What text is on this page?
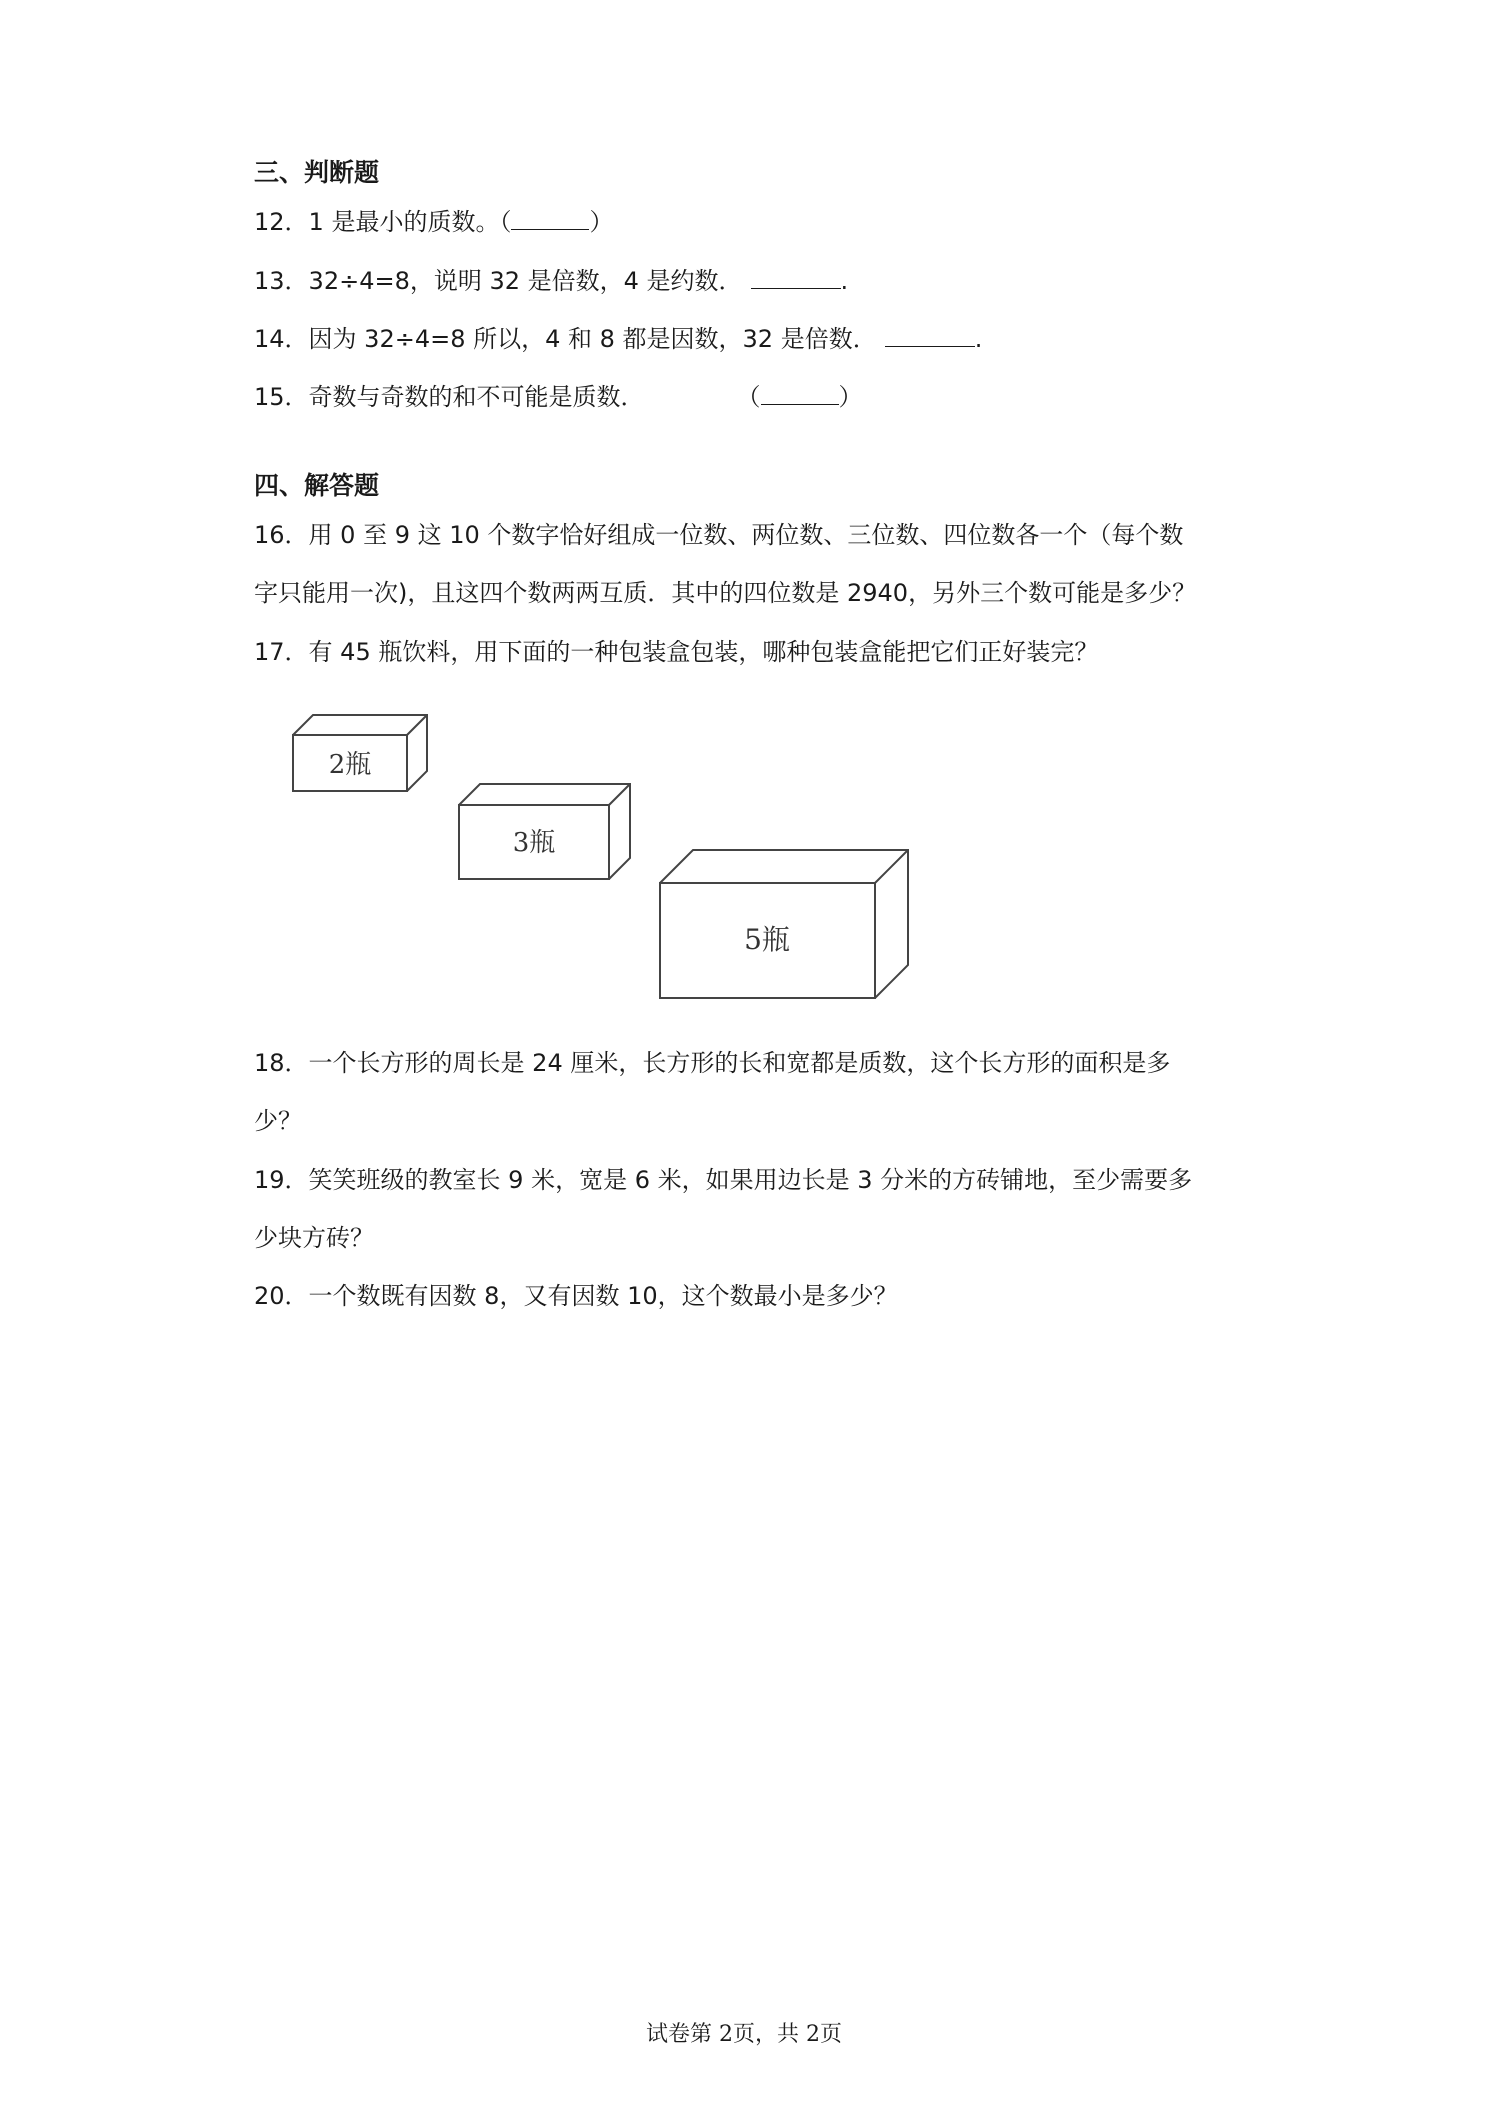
三、判断题
12．1 是最小的质数。（	）
13．32÷4=8，说明 32 是倍数，4 是约数．	.
14．因为 32÷4=8 所以，4 和 8 都是因数，32 是倍数．	.
15．奇数与奇数的和不可能是质数．	（	）
四、解答题
16．用 0 至 9 这 10 个数字恰好组成一位数、两位数、三位数、四位数各一个（每个数
字只能用一次)，且这四个数两两互质．其中的四位数是 2940，另外三个数可能是多少？
17．有 45 瓶饮料，用下面的一种包装盒包装，哪种包装盒能把它们正好装完？
2瓶
3瓶
5瓶
18．一个长方形的周长是 24 厘米，长方形的长和宽都是质数，这个长方形的面积是多
少？
19．笑笑班级的教室长 9 米，宽是 6 米，如果用边长是 3 分米的方砖铺地，至少需要多
少块方砖？
20．一个数既有因数 8，又有因数 10，这个数最小是多少？
试卷第 2页，共 2页
